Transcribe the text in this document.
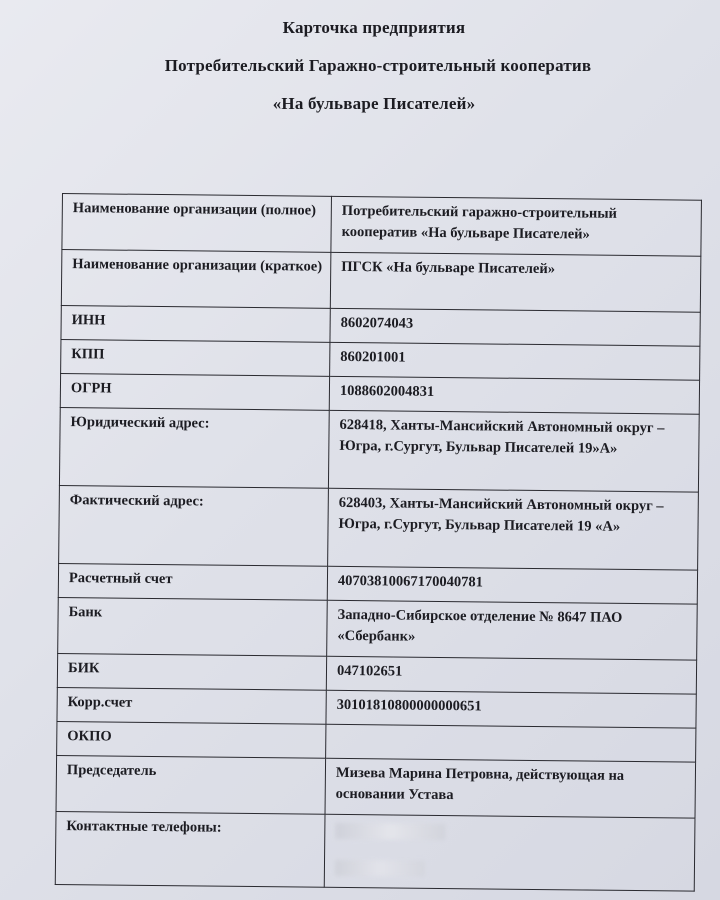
Карточка предприятия
Потребительский Гаражно-строительный кооператив
«На бульваре Писателей»
Наименование организации (полное)	Потребительский гаражно-строительный кооператив «На бульваре Писателей»
Наименование организации (краткое)	ПГСК «На бульваре Писателей»
ИНН	8602074043
КПП	860201001
ОГРН	1088602004831
Юридический адрес:	628418, Ханты-Мансийский Автономный округ –Югра, г.Сургут, Бульвар Писателей 19»А»
Фактический адрес:	628403, Ханты-Мансийский Автономный округ –Югра, г.Сургут, Бульвар Писателей 19 «А»
Расчетный счет	40703810067170040781
Банк	Западно-Сибирское отделение № 8647 ПАО «Сбербанк»
БИК	047102651
Корр.счет	30101810800000000651
ОКПО	
Председатель	Мизева Марина Петровна, действующая на основании Устава
Контактные телефоны:	
